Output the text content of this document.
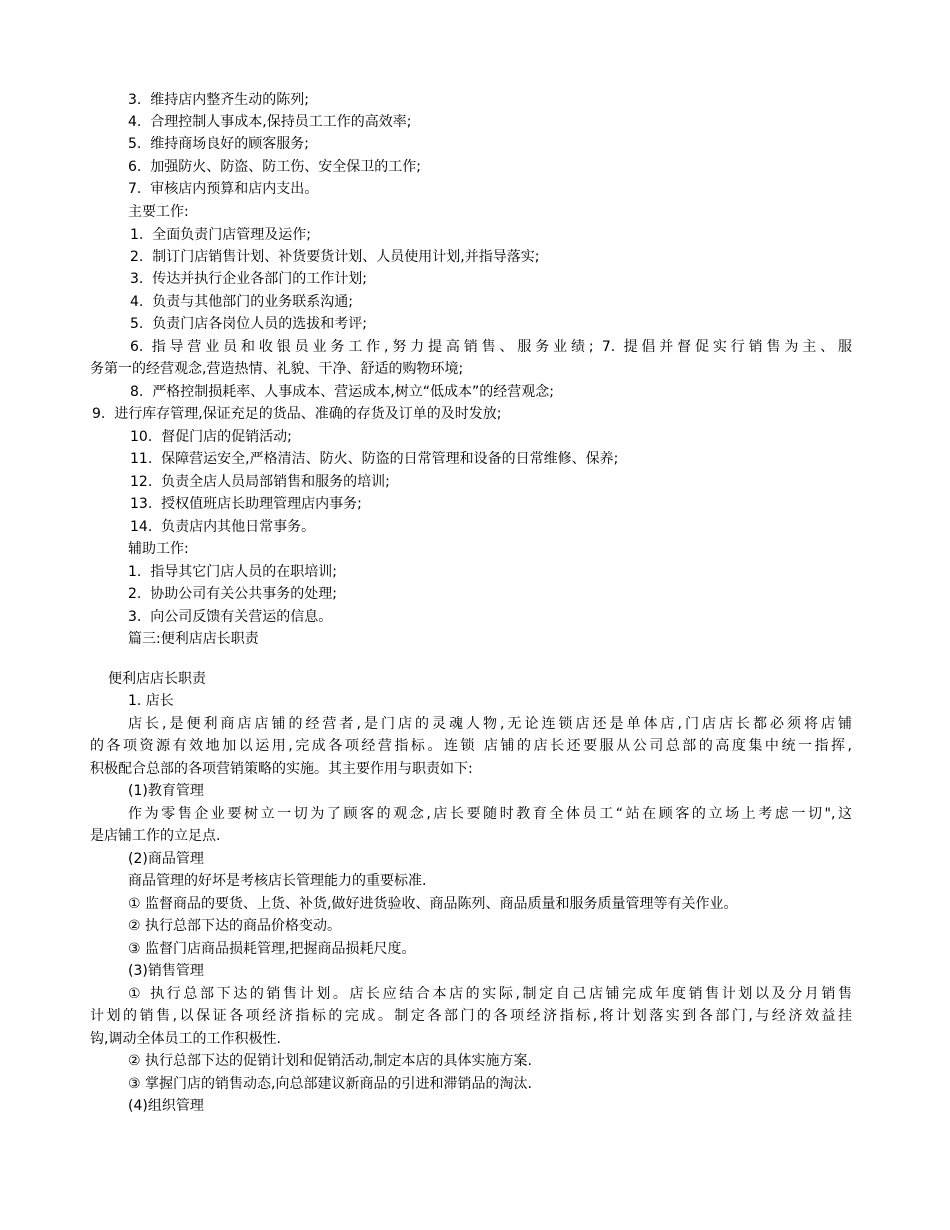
3.  维持店内整齐生动的陈列;
4.  合理控制人事成本,保持员工工作的高效率;
5.  维持商场良好的顾客服务;
6.  加强防火、防盗、防工伤、安全保卫的工作;
7.  审核店内预算和店内支出。
主要工作:
1.  全面负责门店管理及运作;
2.  制订门店销售计划、补货要货计划、人员使用计划,并指导落实;
3.  传达并执行企业各部门的工作计划;
4.  负责与其他部门的业务联系沟通;
5.  负责门店各岗位人员的选拔和考评;
6. 指导营业员和收银员业务工作,努力提高销售、服务业绩; 7. 提倡并督促实行销售为主、服
务第一的经营观念,营造热情、礼貌、干净、舒适的购物环境;
8.  严格控制损耗率、人事成本、营运成本,树立“低成本”的经营观念;
9.  进行库存管理,保证充足的货品、准确的存货及订单的及时发放;
10.  督促门店的促销活动;
11.  保障营运安全,严格清洁、防火、防盗的日常管理和设备的日常维修、保养;
12.  负责全店人员局部销售和服务的培训;
13.  授权值班店长助理管理店内事务;
14.  负责店内其他日常事务。
辅助工作:
1.  指导其它门店人员的在职培训;
2.  协助公司有关公共事务的处理;
3.  向公司反馈有关营运的信息。
篇三:便利店店长职责
便利店店长职责
1. 店长
店长,是便利商店店铺的经营者,是门店的灵魂人物,无论连锁店还是单体店,门店店长都必须将店铺
的各项资源有效地加以运用,完成各项经营指标。连锁 店铺的店长还要服从公司总部的高度集中统一指挥,
积极配合总部的各项营销策略的实施。其主要作用与职责如下:
(1)教育管理
作为零售企业要树立一切为了顾客的观念,店长要随时教育全体员工“站在顾客的立场上考虑一切",这
是店铺工作的立足点.
(2)商品管理
商品管理的好坏是考核店长管理能力的重要标准.
① 监督商品的要货、上货、补货,做好进货验收、商品陈列、商品质量和服务质量管理等有关作业。
② 执行总部下达的商品价格变动。
③ 监督门店商品损耗管理,把握商品损耗尺度。
(3)销售管理
① 执行总部下达的销售计划。店长应结合本店的实际,制定自己店铺完成年度销售计划以及分月销售
计划的销售,以保证各项经济指标的完成。制定各部门的各项经济指标,将计划落实到各部门,与经济效益挂
钩,调动全体员工的工作积极性.
② 执行总部下达的促销计划和促销活动,制定本店的具体实施方案.
③ 掌握门店的销售动态,向总部建议新商品的引进和滞销品的淘汰.
(4)组织管理
